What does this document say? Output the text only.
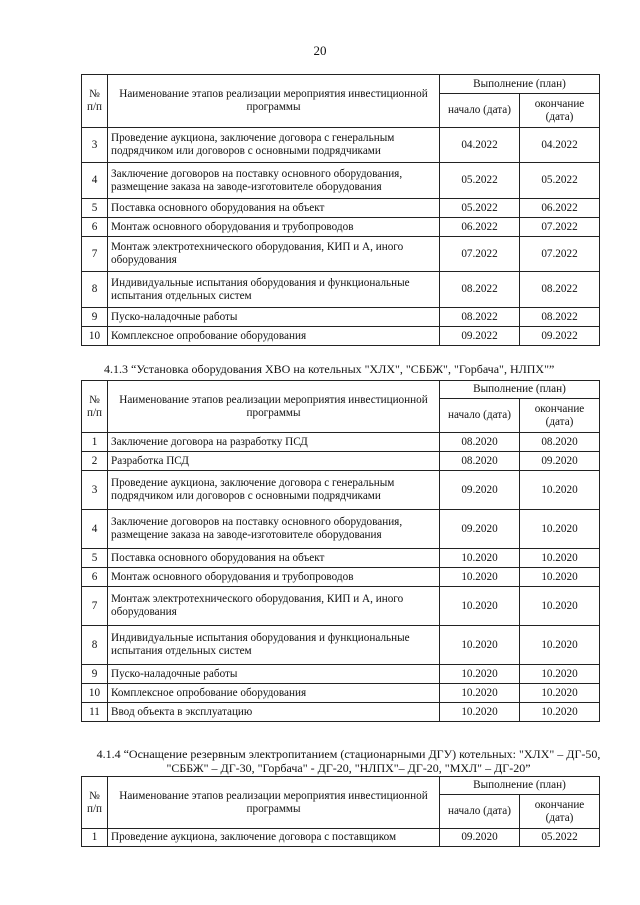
20
№ п/п	Наименование этапов реализации мероприятия инвестиционной программы	Выполнение (план)	
		начало (дата)	окончание (дата)
3	Проведение аукциона, заключение договора с генеральным подрядчиком или договоров с основными подрядчиками	04.2022	04.2022
4	Заключение договоров на поставку основного оборудования, размещение заказа на заводе-изготовителе оборудования	05.2022	05.2022
5	Поставка основного оборудования на объект	05.2022	06.2022
6	Монтаж основного оборудования и трубопроводов	06.2022	07.2022
7	Монтаж электротехнического оборудования, КИП и А, иного оборудования	07.2022	07.2022
8	Индивидуальные испытания оборудования и функциональные испытания отдельных систем	08.2022	08.2022
9	Пуско-наладочные работы	08.2022	08.2022
10	Комплексное опробование оборудования	09.2022	09.2022
4.1.3 “Установка оборудования ХВО на котельных "ХЛХ", "СББЖ", "Горбача", НЛПХ"”
№ п/п	Наименование этапов реализации мероприятия инвестиционной программы	Выполнение (план)	
		начало (дата)	окончание (дата)
1	Заключение договора на разработку ПСД	08.2020	08.2020
2	Разработка ПСД	08.2020	09.2020
3	Проведение аукциона, заключение договора с генеральным подрядчиком или договоров с основными подрядчиками	09.2020	10.2020
4	Заключение договоров на поставку основного оборудования, размещение заказа на заводе-изготовителе оборудования	09.2020	10.2020
5	Поставка основного оборудования на объект	10.2020	10.2020
6	Монтаж основного оборудования и трубопроводов	10.2020	10.2020
7	Монтаж электротехнического оборудования, КИП и А, иного оборудования	10.2020	10.2020
8	Индивидуальные испытания оборудования и функциональные испытания отдельных систем	10.2020	10.2020
9	Пуско-наладочные работы	10.2020	10.2020
10	Комплексное опробование оборудования	10.2020	10.2020
11	Ввод объекта в эксплуатацию	10.2020	10.2020
4.1.4 “Оснащение резервным электропитанием (стационарными ДГУ) котельных: "ХЛХ" – ДГ-50, "СББЖ" – ДГ-30, "Горбача" - ДГ-20, "НЛПХ"– ДГ-20, "МХЛ" – ДГ-20”
№ п/п	Наименование этапов реализации мероприятия инвестиционной программы	Выполнение (план)	
		начало (дата)	окончание (дата)
1	Проведение аукциона, заключение договора с поставщиком	09.2020	05.2022
